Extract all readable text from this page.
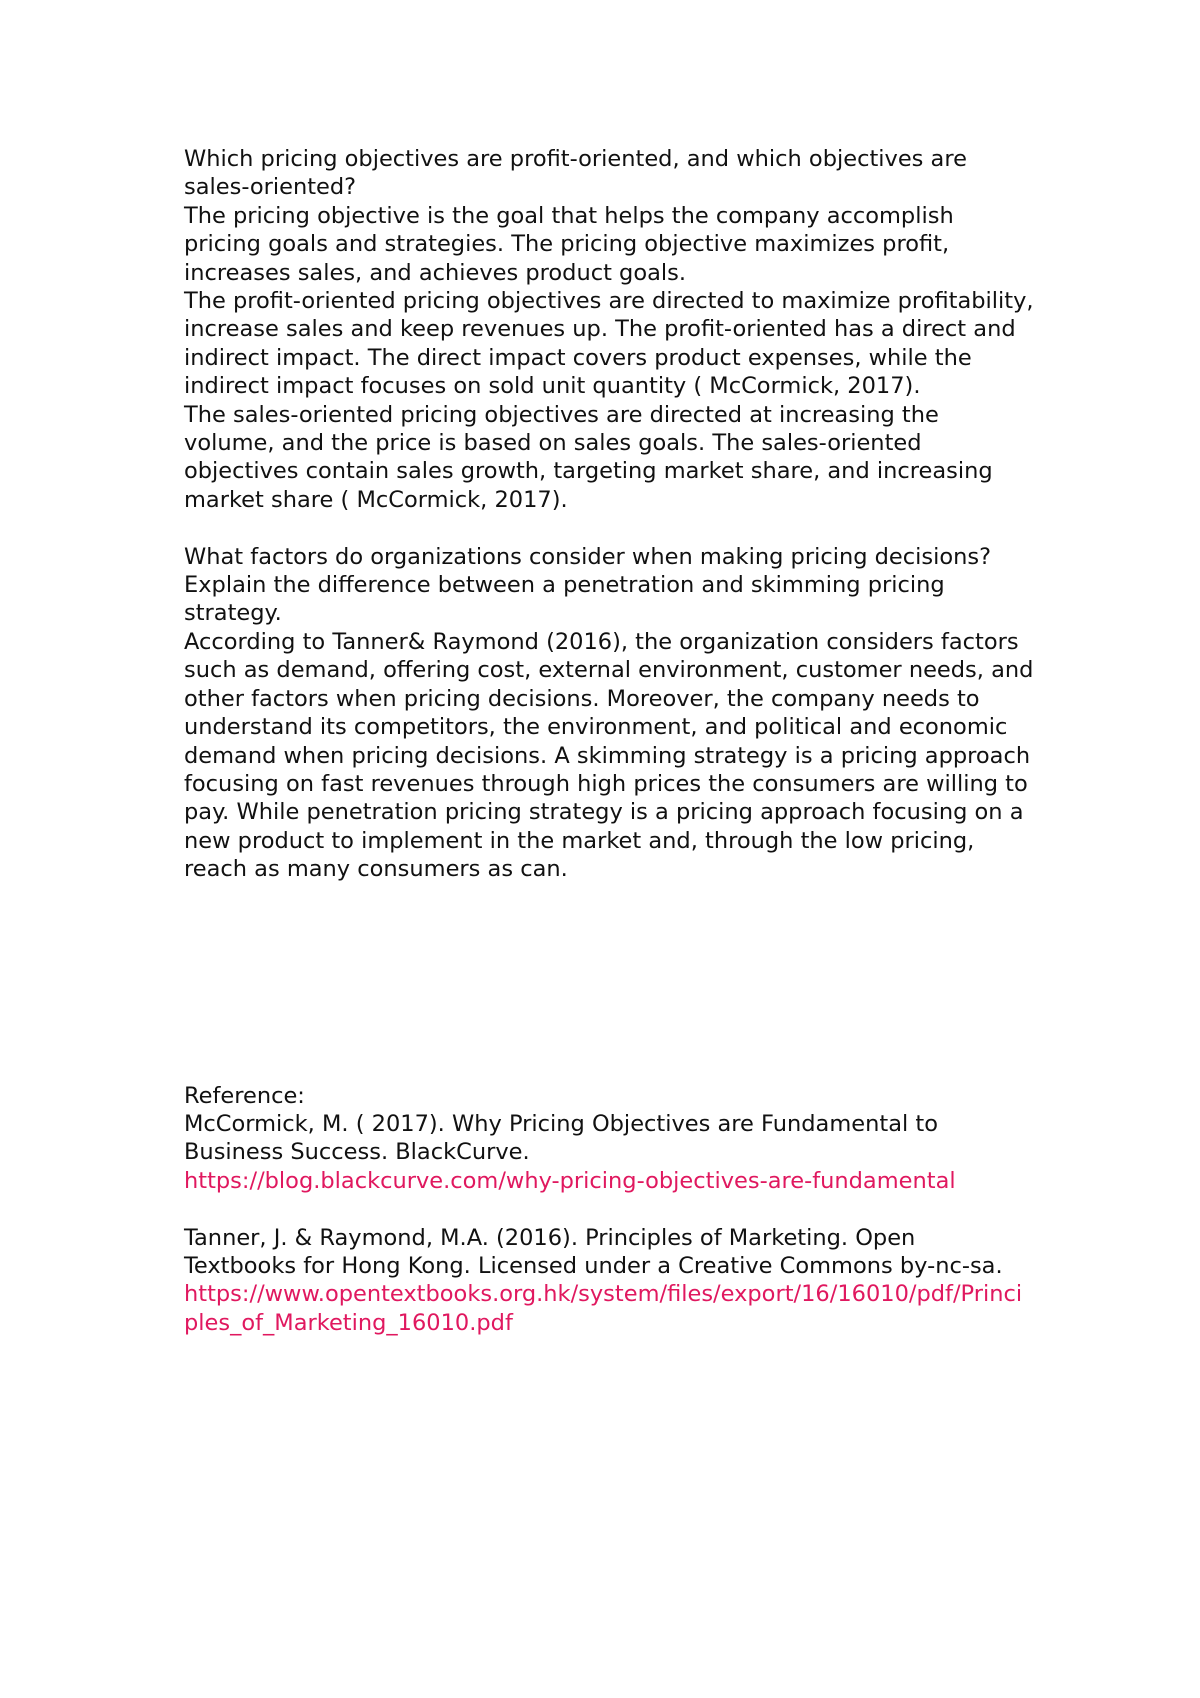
Which pricing objectives are profit-oriented, and which objectives are sales-oriented?

The pricing objective is the goal that helps the company accomplish pricing goals and strategies. The pricing objective maximizes profit, increases sales, and achieves product goals.

The profit-oriented pricing objectives are directed to maximize profitability, increase sales and keep revenues up. The profit-oriented has a direct and indirect impact. The direct impact covers product expenses, while the indirect impact focuses on sold unit quantity ( McCormick, 2017).

The sales-oriented pricing objectives are directed at increasing the volume, and the price is based on sales goals. The sales-oriented objectives contain sales growth, targeting market share, and increasing market share ( McCormick, 2017).

What factors do organizations consider when making pricing decisions? Explain the difference between a penetration and skimming pricing strategy.

According to Tanner& Raymond (2016), the organization considers factors such as demand, offering cost, external environment, customer needs, and other factors when pricing decisions. Moreover, the company needs to understand its competitors, the environment, and political and economic demand when pricing decisions. A skimming strategy is a pricing approach focusing on fast revenues through high prices the consumers are willing to pay. While penetration pricing strategy is a pricing approach focusing on a new product to implement in the market and, through the low pricing, reach as many consumers as can.

Reference:

McCormick, M. ( 2017). Why Pricing Objectives are Fundamental to Business Success. BlackCurve.

https://blog.blackcurve.com/why-pricing-objectives-are-fundamental

Tanner, J. & Raymond, M.A. (2016). Principles of Marketing. Open Textbooks for Hong Kong. Licensed under a Creative Commons by-nc-sa.

https://www.opentextbooks.org.hk/system/files/export/16/16010/pdf/Principles_of_Marketing_16010.pdf
